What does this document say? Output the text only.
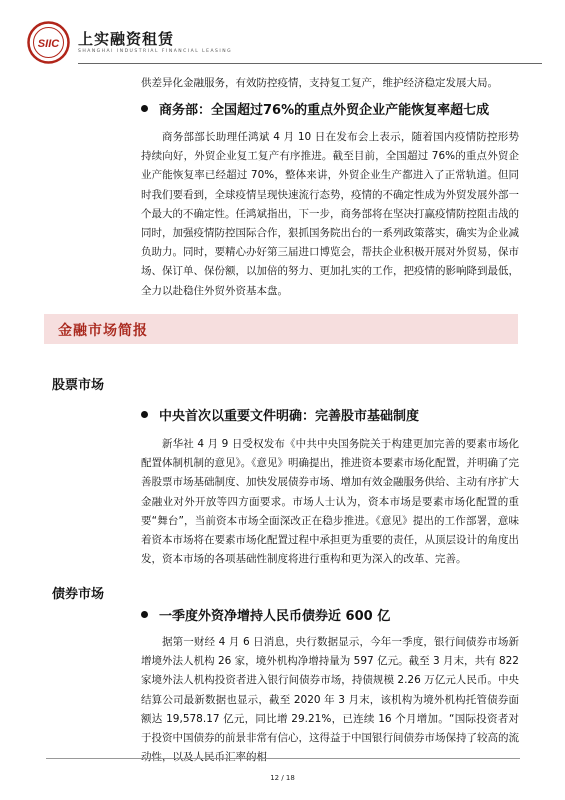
SIIC 上实融资租赁
SHANGHAI INDUSTRIAL FINANCIAL LEASING

供差异化金融服务，有效防控疫情，支持复工复产，维护经济稳定发展大局。

商务部：全国超过76%的重点外贸企业产能恢复率超七成

商务部部长助理任鸿斌 4 月 10 日在发布会上表示，随着国内疫情防控形势持续向好，外贸企业复工复产有序推进。截至目前，全国超过 76%的重点外贸企业产能恢复率已经超过 70%，整体来讲，外贸企业生产都进入了正常轨道。但同时我们要看到，全球疫情呈现快速流行态势，疫情的不确定性成为外贸发展外部一个最大的不确定性。任鸿斌指出，下一步，商务部将在坚决打赢疫情防控阻击战的同时，加强疫情防控国际合作，狠抓国务院出台的一系列政策落实，确实为企业减负助力。同时，要精心办好第三届进口博览会，帮扶企业积极开展对外贸易，保市场、保订单、保份额，以加倍的努力、更加扎实的工作，把疫情的影响降到最低，全力以赴稳住外贸外资基本盘。

金融市场简报
股票市场
中央首次以重要文件明确：完善股市基础制度

新华社 4 月 9 日受权发布《中共中央国务院关于构建更加完善的要素市场化配置体制机制的意见》。《意见》明确提出，推进资本要素市场化配置，并明确了完善股票市场基础制度、加快发展债券市场、增加有效金融服务供给、主动有序扩大金融业对外开放等四方面要求。市场人士认为，资本市场是要素市场化配置的重要“舞台”，当前资本市场全面深改正在稳步推进。《意见》提出的工作部署，意味着资本市场将在要素市场化配置过程中承担更为重要的责任，从顶层设计的角度出发，资本市场的各项基础性制度将进行重构和更为深入的改革、完善。

债券市场
一季度外资净增持人民币债券近 600 亿

据第一财经 4 月 6 日消息，央行数据显示，今年一季度，银行间债券市场新增境外法人机构 26 家，境外机构净增持量为 597 亿元。截至 3 月末，共有 822 家境外法人机构投资者进入银行间债券市场，持债规模 2.26 万亿元人民币。中央结算公司最新数据也显示，截至 2020 年 3 月末，该机构为境外机构托管债券面额达 19,578.17 亿元，同比增 29.21%，已连续 16 个月增加。“国际投资者对于投资中国债券的前景非常有信心，这得益于中国银行间债券市场保持了较高的流

12 / 18
